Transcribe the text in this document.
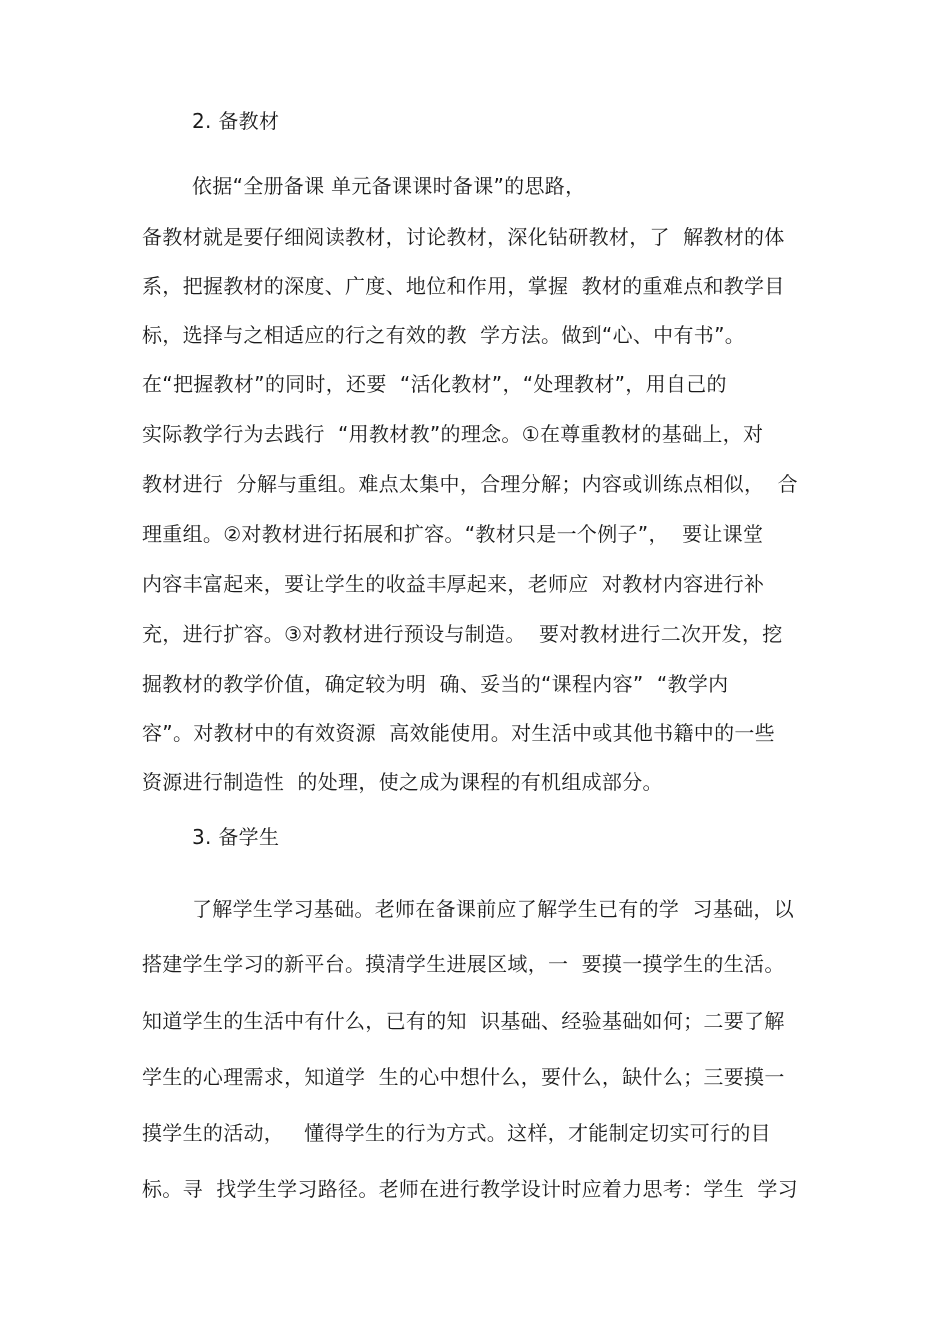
2. 备教材
依据“全册备课 单元备课课时备课”的思路，
备教材就是要仔细阅读教材，讨论教材，深化钻研教材，了  解教材的体
系，把握教材的深度、广度、地位和作用，掌握  教材的重难点和教学目
标，选择与之相适应的行之有效的教  学方法。做到“心、中有书”。
在“把握教材”的同时，还要  “活化教材”，“处理教材”，用自己的
实际教学行为去践行  “用教材教”的理念。①在尊重教材的基础上，对
教材进行  分解与重组。难点太集中，合理分解；内容或训练点相似，  合
理重组。②对教材进行拓展和扩容。“教材只是一个例子”，  要让课堂
内容丰富起来，要让学生的收益丰厚起来，老师应  对教材内容进行补
充，进行扩容。③对教材进行预设与制造。  要对教材进行二次开发，挖
掘教材的教学价值，确定较为明  确、妥当的“课程内容”  “教学内
容”。对教材中的有效资源  高效能使用。对生活中或其他书籍中的一些
资源进行制造性  的处理，使之成为课程的有机组成部分。
3. 备学生
了解学生学习基础。老师在备课前应了解学生已有的学  习基础，以
搭建学生学习的新平台。摸清学生进展区域，一  要摸一摸学生的生活。
知道学生的生活中有什么，已有的知  识基础、经验基础如何；二要了解
学生的心理需求，知道学  生的心中想什么，要什么，缺什么；三要摸一
摸学生的活动，   懂得学生的行为方式。这样，才能制定切实可行的目
标。寻  找学生学习路径。老师在进行教学设计时应着力思考：学生  学习
